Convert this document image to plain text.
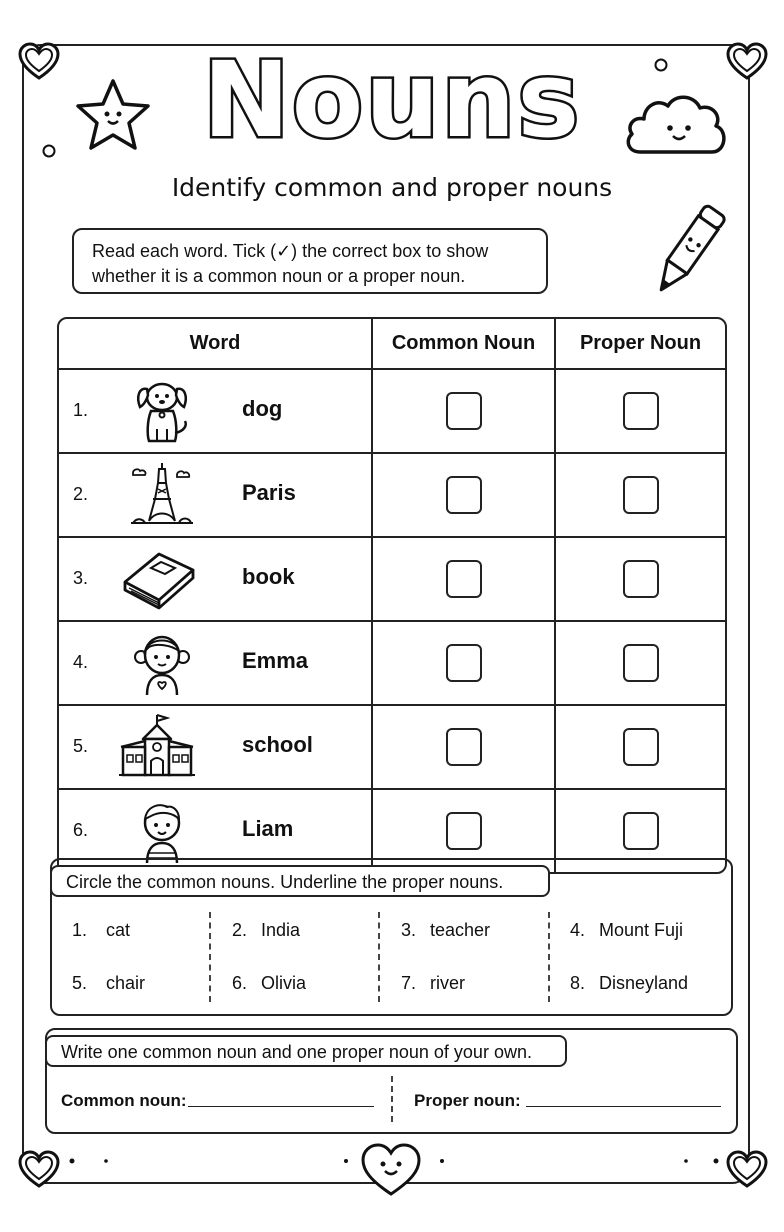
Nouns
Identify common and proper nouns
Read each word. Tick (✓) the correct box to show whether it is a common noun or a proper noun.
Word	Common Noun	Proper Noun

1. dog

2. Paris

3. book

4. Emma

5. school

6. Liam

Circle the common nouns. Underline the proper nouns.
1. cat	2. India	3. teacher	4. Mount Fuji
5. chair	6. Olivia	7. river	8. Disneyland
Write one common noun and one proper noun of your own.
Common noun:	Proper noun:
